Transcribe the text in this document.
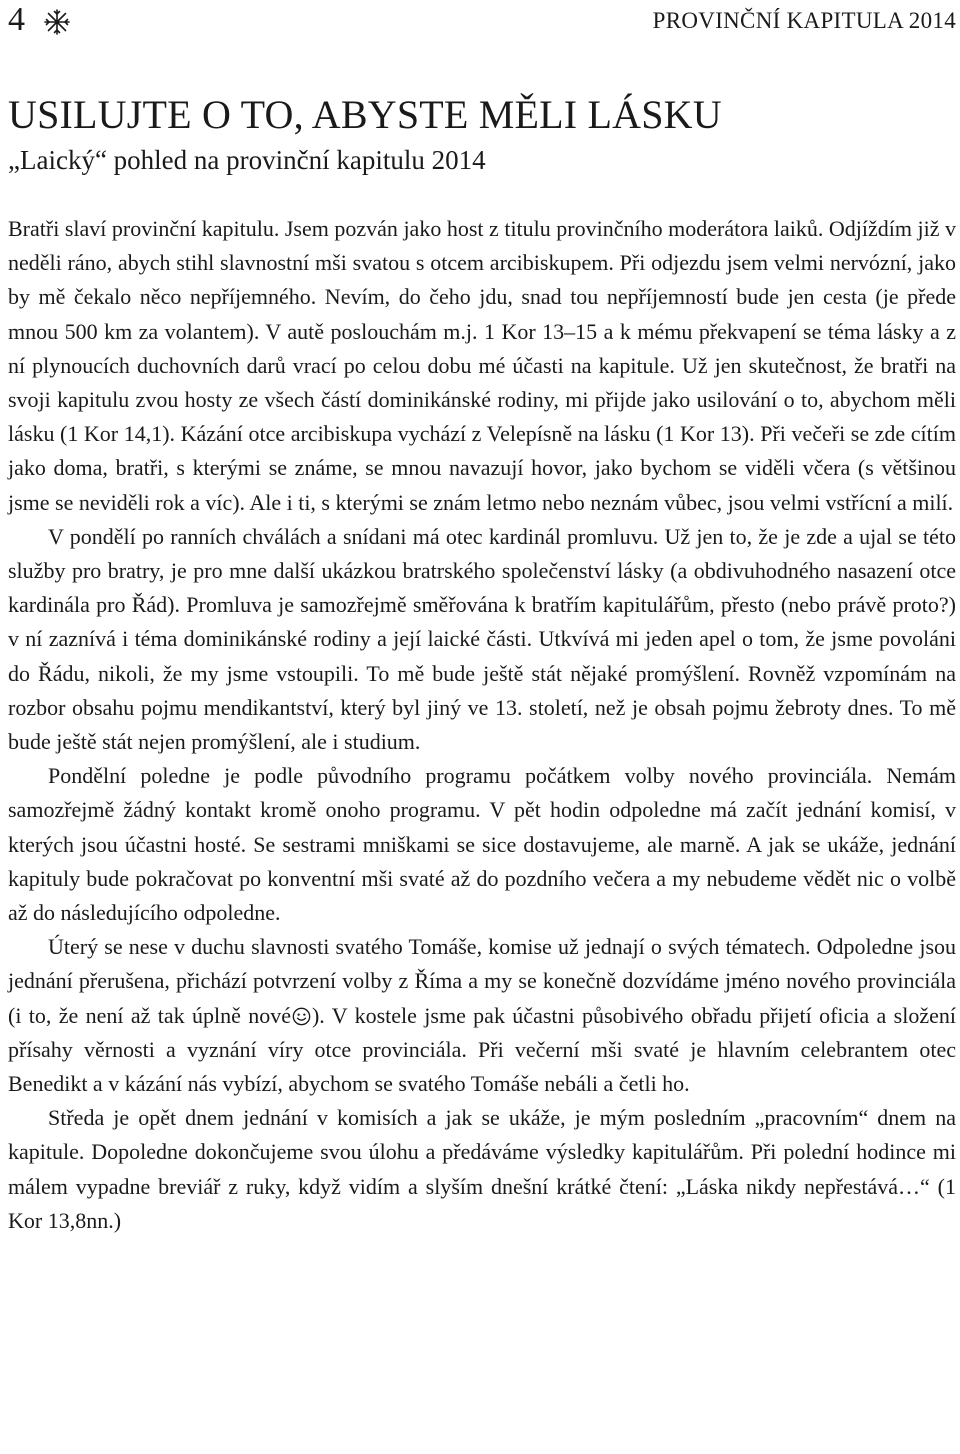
4	PROVINČNÍ KAPITULA 2014
USILUJTE O TO, ABYSTE MĚLI LÁSKU
„Laický“ pohled na provinční kapitulu 2014

Bratři slaví provinční kapitulu. Jsem pozván jako host z titulu provinčního moderátora laiků. Odjíždím již v neděli ráno, abych stihl slavnostní mši svatou s otcem arcibiskupem. Při odjezdu jsem velmi nervózní, jako by mě čekalo něco nepříjemného. Nevím, do čeho jdu, snad tou nepříjemností bude jen cesta (je přede mnou 500 km za volantem). V autě poslouchám m.j. 1 Kor 13–15 a k mému překvapení se téma lásky a z ní plynoucích duchovních darů vrací po celou dobu mé účasti na kapitule. Už jen skutečnost, že bratři na svoji kapitulu zvou hosty ze všech částí dominikánské rodiny, mi přijde jako usilování o to, abychom měli lásku (1 Kor 14,1). Kázání otce arcibiskupa vychází z Velepísně na lásku (1 Kor 13). Při večeři se zde cítím jako doma, bratři, s kterými se známe, se mnou navazují hovor, jako bychom se viděli včera (s většinou jsme se neviděli rok a víc). Ale i ti, s kterými se znám letmo nebo neznám vůbec, jsou velmi vstřícní a milí.

V pondělí po ranních chválách a snídani má otec kardinál promluvu. Už jen to, že je zde a ujal se této služby pro bratry, je pro mne další ukázkou bratrského společenství lásky (a obdivuhodného nasazení otce kardinála pro Řád). Promluva je samozřejmě směřována k bratřím kapitulářům, přesto (nebo právě proto?) v ní zaznívá i téma dominikánské rodiny a její laické části. Utkvívá mi jeden apel o tom, že jsme povoláni do Řádu, nikoli, že my jsme vstoupili. To mě bude ještě stát nějaké promýšlení. Rovněž vzpomínám na rozbor obsahu pojmu mendikantství, který byl jiný ve 13. století, než je obsah pojmu žebroty dnes. To mě bude ještě stát nejen promýšlení, ale i studium.

Pondělní poledne je podle původního programu počátkem volby nového provinciála. Nemám samozřejmě žádný kontakt kromě onoho programu. V pět hodin odpoledne má začít jednání komisí, v kterých jsou účastni hosté. Se sestrami mniškami se sice dostavujeme, ale marně. A jak se ukáže, jednání kapituly bude pokračovat po konventní mši svaté až do pozdního večera a my nebudeme vědět nic o volbě až do následujícího odpoledne.

Úterý se nese v duchu slavnosti svatého Tomáše, komise už jednají o svých tématech. Odpoledne jsou jednání přerušena, přichází potvrzení volby z Říma a my se konečně dozvídáme jméno nového provinciála (i to, že není až tak úplně nové ). V kostele jsme pak účastni působivého obřadu přijetí oficia a složení přísahy věrnosti a vyznání víry otce provinciála. Při večerní mši svaté je hlavním celebrantem otec Benedikt a v kázání nás vybízí, abychom se svatého Tomáše nebáli a četli ho.

Středa je opět dnem jednání v komisích a jak se ukáže, je mým posledním „pracovním“ dnem na kapitule. Dopoledne dokončujeme svou úlohu a předáváme výsledky kapitulářům. Při polední hodince mi málem vypadne breviář z ruky, když vidím a slyším dnešní krátké čtení: „Láska nikdy nepřestává…“ (1 Kor 13,8nn.)
